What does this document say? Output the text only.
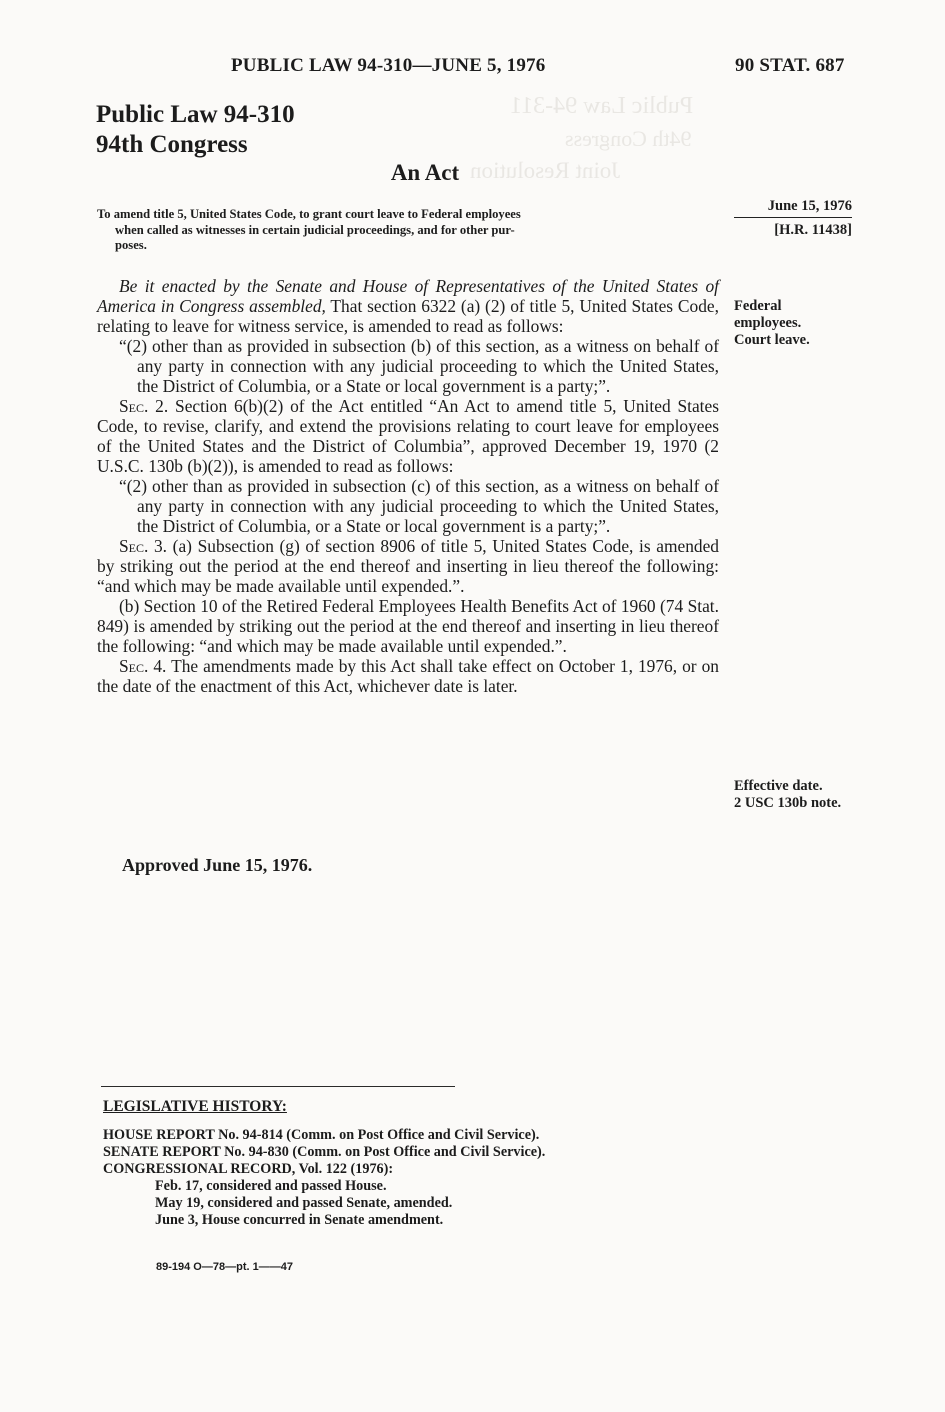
Public Law 94-311
94th Congress
Joint Resolution
PUBLIC LAW 94-310—JUNE 5, 1976	90 STAT. 687
Public Law 94-310
94th Congress
An Act
To amend title 5, United States Code, to grant court leave to Federal employees
when called as witnesses in certain judicial proceedings, and for other pur-
poses.
June 15, 1976
[H.R. 11438]
Federal
employees.
Court leave.
Effective date.
2 USC 130b note.

Be it enacted by the Senate and House of Representatives of the United States of America in Congress assembled, That section 6322 (a) (2) of title 5, United States Code, relating to leave for witness service, is amended to read as follows:

“(2) other than as provided in subsection (b) of this section, as a witness on behalf of any party in connection with any judicial proceeding to which the United States, the District of Columbia, or a State or local government is a party;”.

Sec. 2. Section 6(b)(2) of the Act entitled “An Act to amend title 5, United States Code, to revise, clarify, and extend the provisions relating to court leave for employees of the United States and the District of Columbia”, approved December 19, 1970 (2 U.S.C. 130b (b)(2)), is amended to read as follows:

“(2) other than as provided in subsection (c) of this section, as a witness on behalf of any party in connection with any judicial proceeding to which the United States, the District of Columbia, or a State or local government is a party;”.

Sec. 3. (a) Subsection (g) of section 8906 of title 5, United States Code, is amended by striking out the period at the end thereof and inserting in lieu thereof the following: “and which may be made available until expended.”.

(b) Section 10 of the Retired Federal Employees Health Benefits Act of 1960 (74 Stat. 849) is amended by striking out the period at the end thereof and inserting in lieu thereof the following: “and which may be made available until expended.”.

Sec. 4. The amendments made by this Act shall take effect on October 1, 1976, or on the date of the enactment of this Act, whichever date is later.

Approved June 15, 1976.
LEGISLATIVE HISTORY:
HOUSE REPORT No. 94-814 (Comm. on Post Office and Civil Service).
SENATE REPORT No. 94-830 (Comm. on Post Office and Civil Service).
CONGRESSIONAL RECORD, Vol. 122 (1976):
Feb. 17, considered and passed House.
May 19, considered and passed Senate, amended.
June 3, House concurred in Senate amendment.
89-194 O—78—pt. 1——47
